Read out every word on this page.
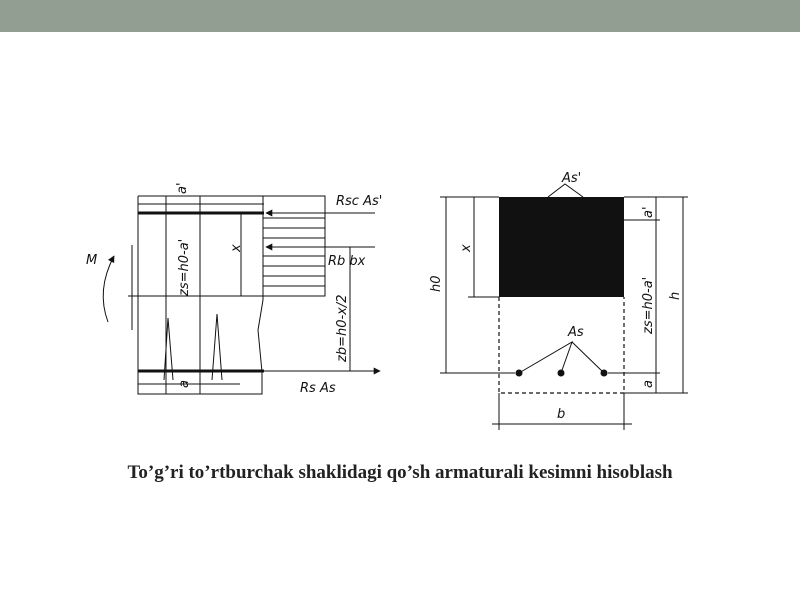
M
a'
x
zs=h0-a'
zb=h0-x/2
a
Rsc As'
Rb bx
Rs As
As'
x
h0
a'
zs=h0-a' h
As
a
b
To’g’ri to’rtburchak shaklidagi qo’sh armaturali kesimni hisoblash
